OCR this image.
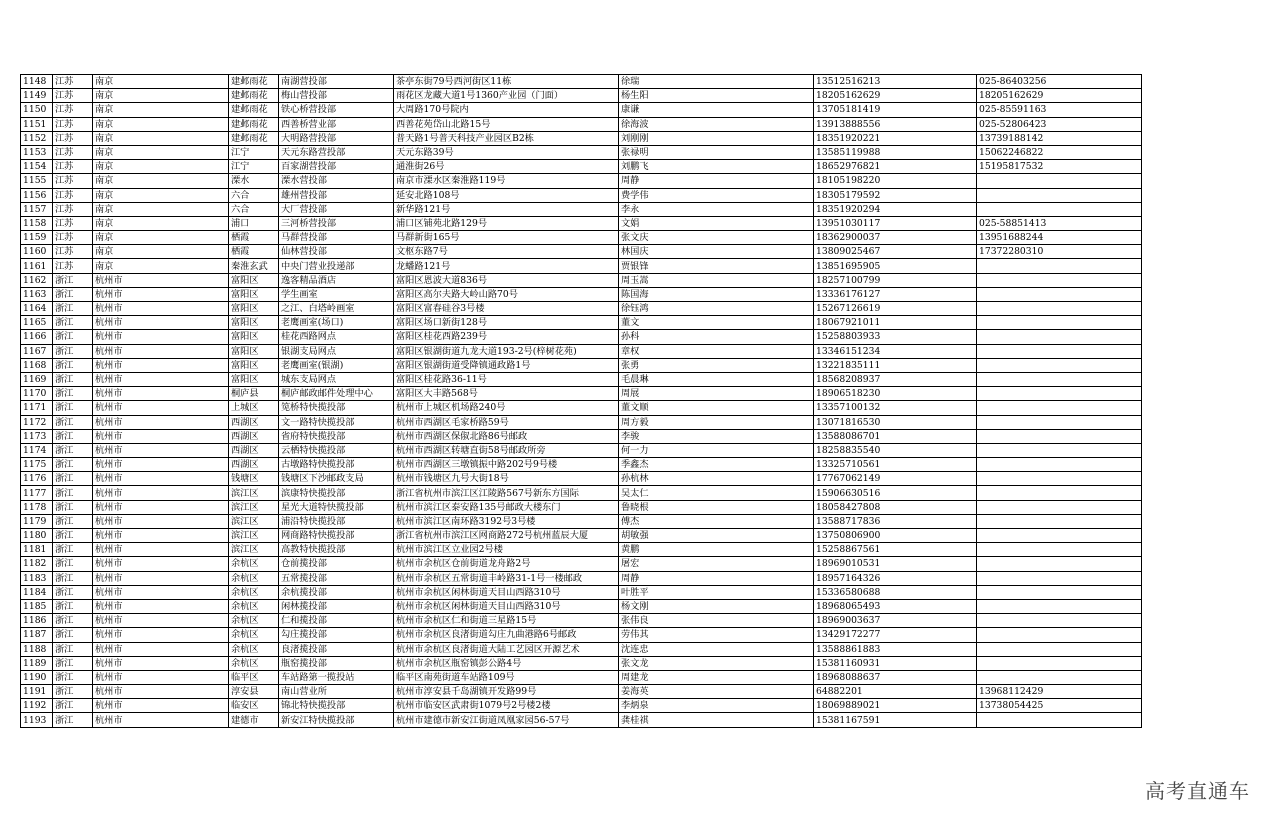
1148	江苏	南京	建邺雨花	南湖营投部	茶亭东街79号西河街区11栋	徐瑞	13512516213	025-86403256
1149	江苏	南京	建邺雨花	梅山营投部	雨花区龙藏大道1号1360产业园（门面）	杨生阳	18205162629	18205162629
1150	江苏	南京	建邺雨花	铁心桥营投部	大周路170号院内	康谦	13705181419	025-85591163
1151	江苏	南京	建邺雨花	西善桥营业部	西善花苑岱山北路15号	徐海波	13913888556	025-52806423
1152	江苏	南京	建邺雨花	大明路营投部	普天路1号普天科技产业园区B2栋	刘刚刚	18351920221	13739188142
1153	江苏	南京	江宁	天元东路营投部	天元东路39号	张禄明	13585119988	15062246822
1154	江苏	南京	江宁	百家湖营投部	通淮街26号	刘鹏飞	18652976821	15195817532
1155	江苏	南京	溧水	溧水营投部	南京市溧水区秦淮路119号	周静	18105198220	
1156	江苏	南京	六合	雄州营投部	延安北路108号	费学伟	18305179592	
1157	江苏	南京	六合	大厂营投部	新华路121号	李永	18351920294	
1158	江苏	南京	浦口	三河桥营投部	浦口区铺苑北路129号	文娟	13951030117	025-58851413
1159	江苏	南京	栖霞	马群营投部	马群新街165号	张文庆	18362900037	13951688244
1160	江苏	南京	栖霞	仙林营投部	文枢东路7号	林国庆	13809025467	17372280310
1161	江苏	南京	秦淮玄武	中央门营业投递部	龙蟠路121号	贾银锋	13851695905	
1162	浙江	杭州市	富阳区	逸客精品酒店	富阳区恩波大道836号	周玉嵩	18257100799	
1163	浙江	杭州市	富阳区	学生画室	富阳区高尔夫路大岭山路70号	陈国海	13336176127	
1164	浙江	杭州市	富阳区	之江、白塔岭画室	富阳区富春硅谷3号楼	徐钰鸿	15267126619	
1165	浙江	杭州市	富阳区	老鹰画室(场口)	富阳区场口新街128号	董文	18067921011	
1166	浙江	杭州市	富阳区	桂花西路网点	富阳区桂花西路239号	孙科	15258803933	
1167	浙江	杭州市	富阳区	银湖支局网点	富阳区银湖街道九龙大道193-2号(梓树花苑)	章权	13346151234	
1168	浙江	杭州市	富阳区	老鹰画室(银湖)	富阳区银湖街道受降镇通政路1号	张勇	13221835111	
1169	浙江	杭州市	富阳区	城东支局网点	富阳区桂花路36-11号	毛晨琳	18568208937	
1170	浙江	杭州市	桐庐县	桐庐邮政邮件处理中心	富阳区大丰路568号	周展	18906518230	
1171	浙江	杭州市	上城区	笕桥特快揽投部	杭州市上城区机场路240号	董文顺	13357100132	
1172	浙江	杭州市	西湖区	文一路特快揽投部	杭州市西湖区毛家桥路59号	周方毅	13071816530	
1173	浙江	杭州市	西湖区	省府特快揽投部	杭州市西湖区保俶北路86号邮政	李骏	13588086701	
1174	浙江	杭州市	西湖区	云栖特快揽投部	杭州市西湖区转塘直街58号邮政所旁	何一力	18258835540	
1175	浙江	杭州市	西湖区	古墩路特快揽投部	杭州市西湖区三墩镇振中路202号9号楼	季鑫杰	13325710561	
1176	浙江	杭州市	钱塘区	钱塘区下沙邮政支局	杭州市钱塘区九号大街18号	孙杭林	17767062149	
1177	浙江	杭州市	滨江区	滨康特快揽投部	浙江省杭州市滨江区江陵路567号新东方国际	吴太仁	15906630516	
1178	浙江	杭州市	滨江区	星光大道特快揽投部	杭州市滨江区泰安路135号邮政大楼东门	鲁晓根	18058427808	
1179	浙江	杭州市	滨江区	浦沿特快揽投部	杭州市滨江区南环路3192号3号楼	傅杰	13588717836	
1180	浙江	杭州市	滨江区	网商路特快揽投部	浙江省杭州市滨江区网商路272号杭州蓝辰大厦	胡敏强	13750806900	
1181	浙江	杭州市	滨江区	高教特快揽投部	杭州市滨江区立业园2号楼	黄鹏	15258867561	
1182	浙江	杭州市	余杭区	仓前揽投部	杭州市余杭区仓前街道龙舟路2号	屠宏	18969010531	
1183	浙江	杭州市	余杭区	五常揽投部	杭州市余杭区五常街道丰岭路31-1号一楼邮政	周静	18957164326	
1184	浙江	杭州市	余杭区	余杭揽投部	杭州市余杭区闲林街道天目山西路310号	叶胜平	15336580688	
1185	浙江	杭州市	余杭区	闲林揽投部	杭州市余杭区闲林街道天目山西路310号	杨文刚	18968065493	
1186	浙江	杭州市	余杭区	仁和揽投部	杭州市余杭区仁和街道三星路15号	张伟良	18969003637	
1187	浙江	杭州市	余杭区	勾庄揽投部	杭州市余杭区良渚街道勾庄九曲港路6号邮政	劳伟其	13429172277	
1188	浙江	杭州市	余杭区	良渚揽投部	杭州市余杭区良渚街道大陆工艺园区开源艺术	沈连忠	13588861883	
1189	浙江	杭州市	余杭区	瓶窑揽投部	杭州市余杭区瓶窑镇彭公路4号	张文龙	15381160931	
1190	浙江	杭州市	临平区	车站路第一揽投站	临平区南苑街道车站路109号	周建龙	18968088637	
1191	浙江	杭州市	淳安县	南山营业所	杭州市淳安县千岛湖镇开发路99号	姜海英	64882201	13968112429
1192	浙江	杭州市	临安区	锦北特快揽投部	杭州市临安区武肃街1079号2号楼2楼	李炳泉	18069889021	13738054425
1193	浙江	杭州市	建德市	新安江特快揽投部	杭州市建德市新安江街道凤凰家园56-57号	龚桂祺	15381167591	
高考直通车
